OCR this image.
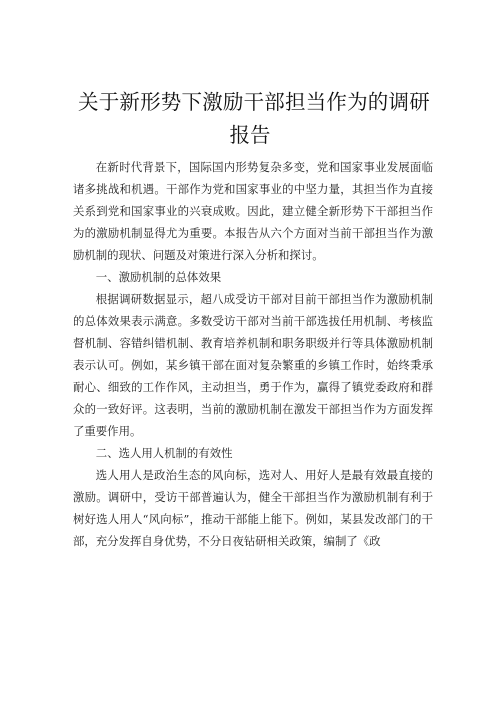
关于新形势下激励干部担当作为的调研
报告

在新时代背景下，国际国内形势复杂多变，党和国家事业发展面临诸多挑战和机遇。干部作为党和国家事业的中坚力量，其担当作为直接关系到党和国家事业的兴衰成败。因此，建立健全新形势下干部担当作为的激励机制显得尤为重要。本报告从六个方面对当前干部担当作为激励机制的现状、问题及对策进行深入分析和探讨。

一、激励机制的总体效果

根据调研数据显示，超八成受访干部对目前干部担当作为激励机制的总体效果表示满意。多数受访干部对当前干部选拔任用机制、考核监督机制、容错纠错机制、教育培养机制和职务职级并行等具体激励机制表示认可。例如，某乡镇干部在面对复杂繁重的乡镇工作时，始终秉承耐心、细致的工作作风，主动担当，勇于作为，赢得了镇党委政府和群众的一致好评。这表明，当前的激励机制在激发干部担当作为方面发挥了重要作用。

二、选人用人机制的有效性

选人用人是政治生态的风向标，选对人、用好人是最有效最直接的激励。调研中，受访干部普遍认为，健全干部担当作为激励机制有利于树好选人用人“风向标”，推动干部能上能下。例如，某县发改部门的干部，充分发挥自身优势，不分日夜钻研相关政策，编制了《政
